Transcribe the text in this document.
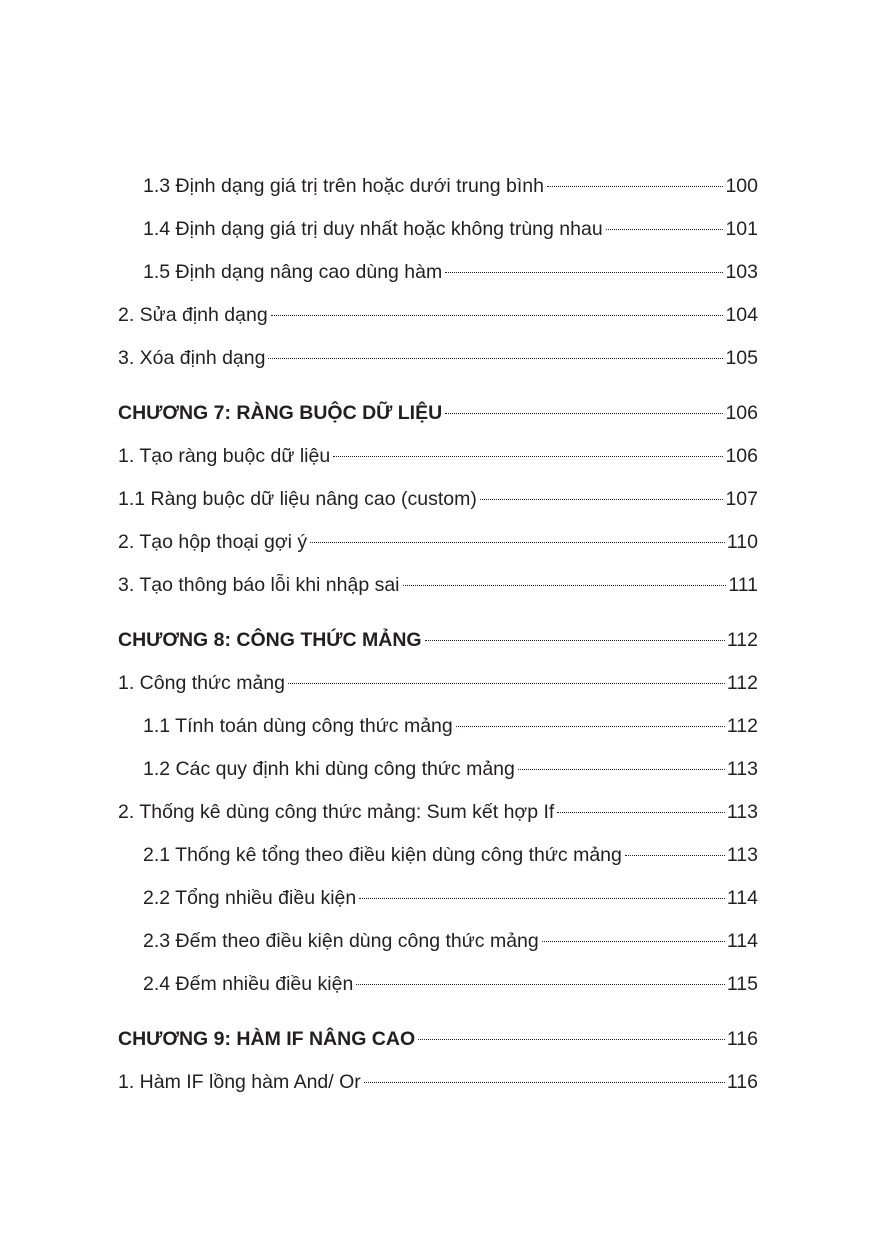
1.3 Định dạng giá trị trên hoặc dưới trung bình	100
1.4 Định dạng giá trị duy nhất hoặc không trùng nhau	101
1.5 Định dạng nâng cao dùng hàm	103
2. Sửa định dạng	104
3. Xóa định dạng	105
CHƯƠNG 7: RÀNG BUỘC DỮ LIỆU	106
1. Tạo ràng buộc dữ liệu	106
1.1 Ràng buộc dữ liệu nâng cao (custom)	107
2. Tạo hộp thoại gợi ý	110
3. Tạo thông báo lỗi khi nhập sai	111
CHƯƠNG 8: CÔNG THỨC MẢNG	112
1. Công thức mảng	112
1.1 Tính toán dùng công thức mảng	112
1.2 Các quy định khi dùng công thức mảng	113
2. Thống kê dùng công thức mảng: Sum kết hợp If	113
2.1 Thống kê tổng theo điều kiện dùng công thức mảng	113
2.2 Tổng nhiều điều kiện	114
2.3 Đếm theo điều kiện dùng công thức mảng	114
2.4 Đếm nhiều điều kiện	115
CHƯƠNG 9: HÀM IF NÂNG CAO	116
1. Hàm IF lồng hàm And/ Or	116
